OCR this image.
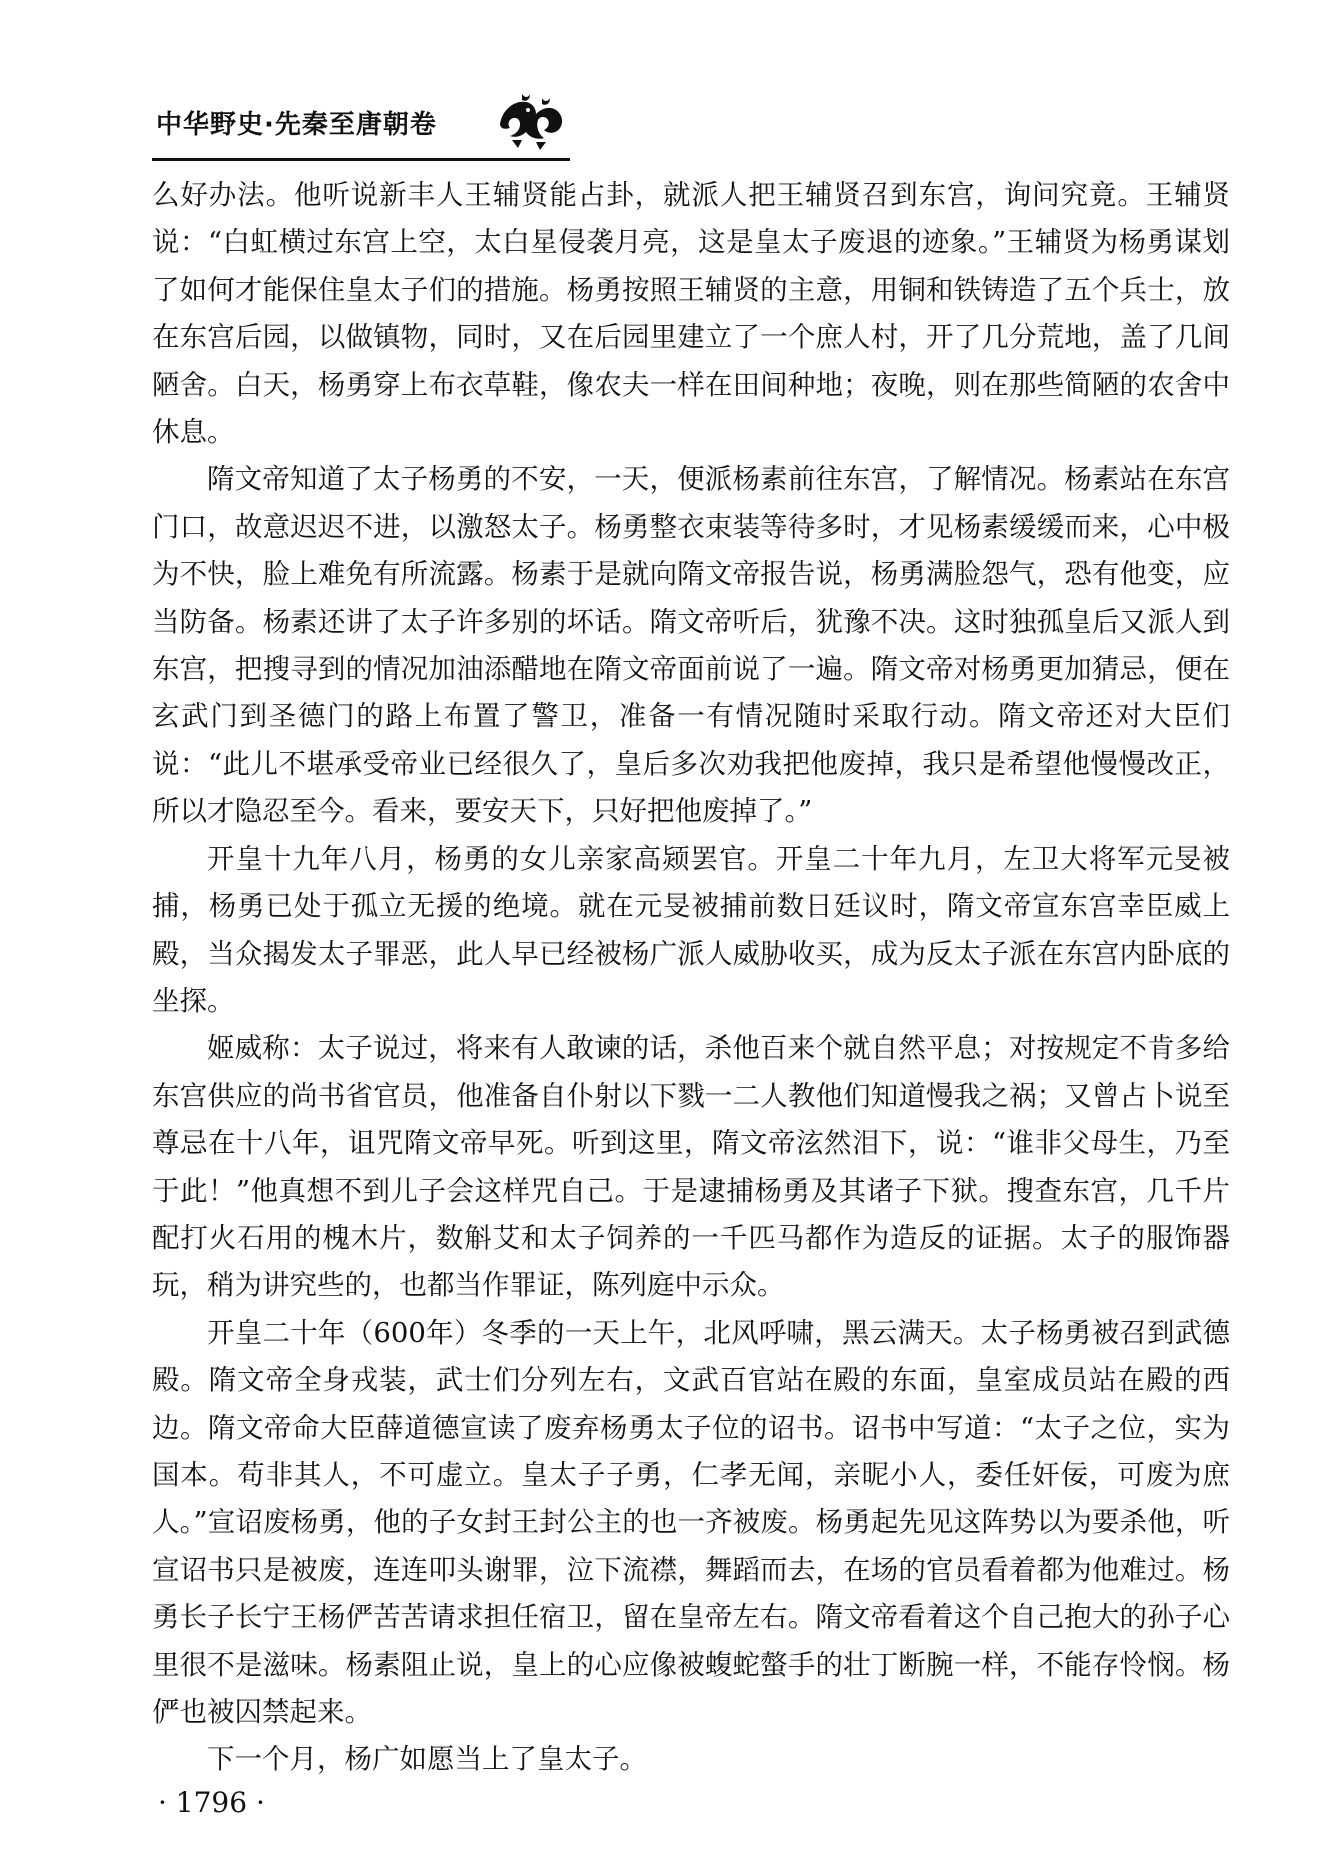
中华野史·先秦至唐朝卷

么好办法。他听说新丰人王辅贤能占卦，就派人把王辅贤召到东宫，询问究竟。王辅贤说：“白虹横过东宫上空，太白星侵袭月亮，这是皇太子废退的迹象。”王辅贤为杨勇谋划了如何才能保住皇太子们的措施。杨勇按照王辅贤的主意，用铜和铁铸造了五个兵士，放在东宫后园，以做镇物，同时，又在后园里建立了一个庶人村，开了几分荒地，盖了几间陋舍。白天，杨勇穿上布衣草鞋，像农夫一样在田间种地；夜晚，则在那些简陋的农舍中休息。

隋文帝知道了太子杨勇的不安，一天，便派杨素前往东宫，了解情况。杨素站在东宫门口，故意迟迟不进，以激怒太子。杨勇整衣束装等待多时，才见杨素缓缓而来，心中极为不快，脸上难免有所流露。杨素于是就向隋文帝报告说，杨勇满脸怨气，恐有他变，应当防备。杨素还讲了太子许多别的坏话。隋文帝听后，犹豫不决。这时独孤皇后又派人到东宫，把搜寻到的情况加油添醋地在隋文帝面前说了一遍。隋文帝对杨勇更加猜忌，便在玄武门到圣德门的路上布置了警卫，准备一有情况随时采取行动。隋文帝还对大臣们说：“此儿不堪承受帝业已经很久了，皇后多次劝我把他废掉，我只是希望他慢慢改正，所以才隐忍至今。看来，要安天下，只好把他废掉了。”

开皇十九年八月，杨勇的女儿亲家高颎罢官。开皇二十年九月，左卫大将军元旻被捕，杨勇已处于孤立无援的绝境。就在元旻被捕前数日廷议时，隋文帝宣东宫幸臣威上殿，当众揭发太子罪恶，此人早已经被杨广派人威胁收买，成为反太子派在东宫内卧底的坐探。

姬威称：太子说过，将来有人敢谏的话，杀他百来个就自然平息；对按规定不肯多给东宫供应的尚书省官员，他准备自仆射以下戮一二人教他们知道慢我之祸；又曾占卜说至尊忌在十八年，诅咒隋文帝早死。听到这里，隋文帝泫然泪下，说：“谁非父母生，乃至于此！”他真想不到儿子会这样咒自己。于是逮捕杨勇及其诸子下狱。搜查东宫，几千片配打火石用的槐木片，数斛艾和太子饲养的一千匹马都作为造反的证据。太子的服饰器玩，稍为讲究些的，也都当作罪证，陈列庭中示众。

开皇二十年（600年）冬季的一天上午，北风呼啸，黑云满天。太子杨勇被召到武德殿。隋文帝全身戎装，武士们分列左右，文武百官站在殿的东面，皇室成员站在殿的西边。隋文帝命大臣薛道德宣读了废弃杨勇太子位的诏书。诏书中写道：“太子之位，实为国本。苟非其人，不可虚立。皇太子子勇，仁孝无闻，亲昵小人，委任奸佞，可废为庶人。”宣诏废杨勇，他的子女封王封公主的也一齐被废。杨勇起先见这阵势以为要杀他，听宣诏书只是被废，连连叩头谢罪，泣下流襟，舞蹈而去，在场的官员看着都为他难过。杨勇长子长宁王杨俨苦苦请求担任宿卫，留在皇帝左右。隋文帝看着这个自己抱大的孙子心里很不是滋味。杨素阻止说，皇上的心应像被蝮蛇螫手的壮丁断腕一样，不能存怜悯。杨俨也被囚禁起来。

下一个月，杨广如愿当上了皇太子。

· 1796 ·
